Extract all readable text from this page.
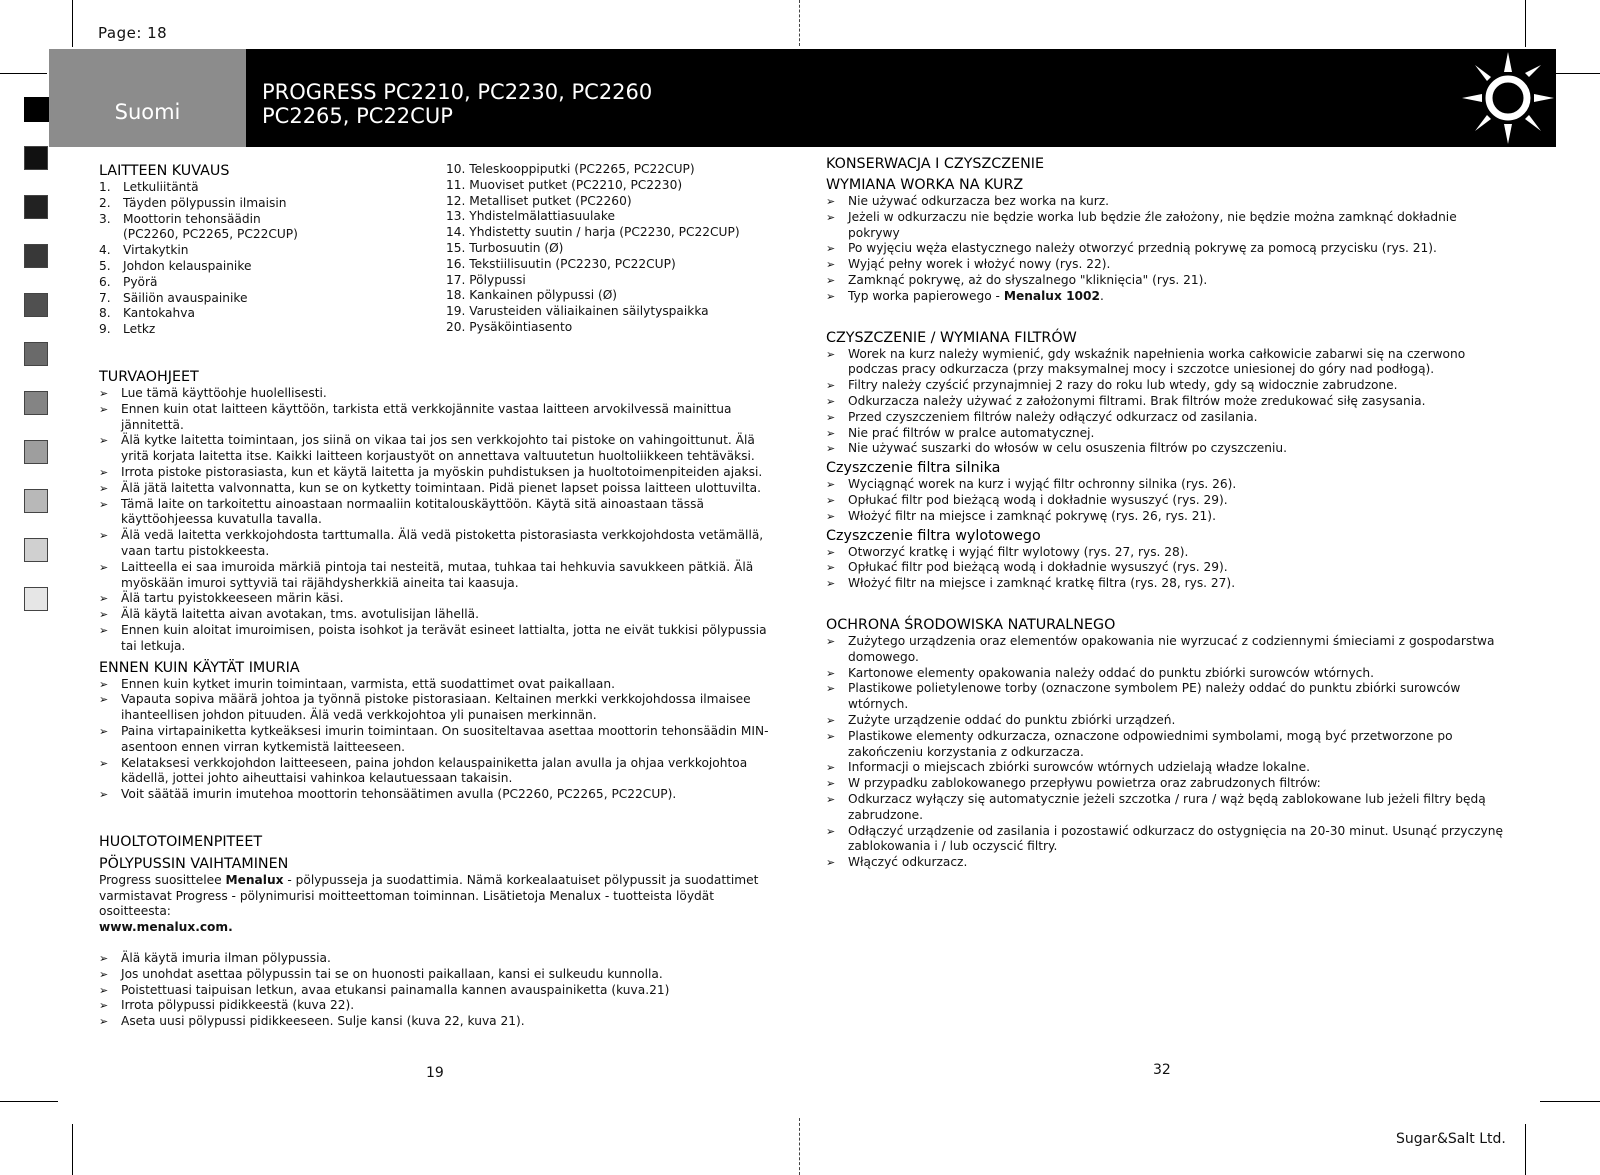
Page: 18
Suomi
PROGRESS PC2210, PC2230, PC2260
PC2265, PC22CUP
LAITTEEN KUVAUS
1. Letkuliitäntä
2. Täyden pölypussin ilmaisin
3. Moottorin tehonsäädin
(PC2260, PC2265, PC22CUP)
4. Virtakytkin
5. Johdon kelauspainike
6. Pyörä
7. Säiliön avauspainike
8. Kantokahva
9. Letkz
TURVAOHJEET
➢ Lue tämä käyttöohje huolellisesti.
➢ Ennen kuin otat laitteen käyttöön, tarkista että verkkojännite vastaa laitteen arvokilvessä mainittua jännitettä.
➢ Älä kytke laitetta toimintaan, jos siinä on vikaa tai jos sen verkkojohto tai pistoke on vahingoittunut. Älä yritä korjata laitetta itse. Kaikki laitteen korjaustyöt on annettava valtuutetun huoltoliikkeen tehtäväksi.
➢ Irrota pistoke pistorasiasta, kun et käytä laitetta ja myöskin puhdistuksen ja huoltotoimenpiteiden ajaksi.
➢ Älä jätä laitetta valvonnatta, kun se on kytketty toimintaan. Pidä pienet lapset poissa laitteen ulottuvilta.
➢ Tämä laite on tarkoitettu ainoastaan normaaliin kotitalouskäyttöön. Käytä sitä ainoastaan tässä käyttöohjeessa kuvatulla tavalla.
➢ Älä vedä laitetta verkkojohdosta tarttumalla. Älä vedä pistoketta pistorasiasta verkkojohdosta vetämällä, vaan tartu pistokkeesta.
➢ Laitteella ei saa imuroida märkiä pintoja tai nesteitä, mutaa, tuhkaa tai hehkuvia savukkeen pätkiä. Älä myöskään imuroi syttyviä tai räjähdysherkkiä aineita tai kaasuja.
➢ Älä tartu pyistokkeeseen märin käsi.
➢ Älä käytä laitetta aivan avotakan, tms. avotulisijan lähellä.
➢ Ennen kuin aloitat imuroimisen, poista isohkot ja terävät esineet lattialta, jotta ne eivät tukkisi pölypussia tai letkuja.
ENNEN KUIN KÄYTÄT IMURIA
➢ Ennen kuin kytket imurin toimintaan, varmista, että suodattimet ovat paikallaan.
➢ Vapauta sopiva määrä johtoa ja työnnä pistoke pistorasiaan. Keltainen merkki verkkojohdossa ilmaisee ihanteellisen johdon pituuden. Älä vedä verkkojohtoa yli punaisen merkinnän.
➢ Paina virtapainiketta kytkeäksesi imurin toimintaan. On suositeltavaa asettaa moottorin tehonsäädin MIN-asentoon ennen virran kytkemistä laitteeseen.
➢ Kelataksesi verkkojohdon laitteeseen, paina johdon kelauspainiketta jalan avulla ja ohjaa verkkojohtoa kädellä, jottei johto aiheuttaisi vahinkoa kelautuessaan takaisin.
➢ Voit säätää imurin imutehoa moottorin tehonsäätimen avulla (PC2260, PC2265, PC22CUP).
HUOLTOTOIMENPITEET
PÖLYPUSSIN VAIHTAMINEN

Progress suosittelee Menalux - pölypusseja ja suodattimia. Nämä korkealaatuiset pölypussit ja suodattimet varmistavat Progress - pölynimurisi moitteettoman toiminnan. Lisätietoja Menalux - tuotteista löydät osoitteesta:

www.menalux.com.

➢ Älä käytä imuria ilman pölypussia.
➢ Jos unohdat asettaa pölypussin tai se on huonosti paikallaan, kansi ei sulkeudu kunnolla.
➢ Poistettuasi taipuisan letkun, avaa etukansi painamalla kannen avauspainiketta (kuva.21)
➢ Irrota pölypussi pidikkeestä (kuva 22).
➢ Aseta uusi pölypussi pidikkeeseen. Sulje kansi (kuva 22, kuva 21).
10. Teleskooppiputki (PC2265, PC22CUP)
11. Muoviset putket (PC2210, PC2230)
12. Metalliset putket (PC2260)
13. Yhdistelmälattiasuulake
14. Yhdistetty suutin / harja (PC2230, PC22CUP)
15. Turbosuutin (Ø)
16. Tekstiilisuutin (PC2230, PC22CUP)
17. Pölypussi
18. Kankainen pölypussi (Ø)
19. Varusteiden väliaikainen säilytyspaikka
20. Pysäköintiasento
19
KONSERWACJA I CZYSZCZENIE
WYMIANA WORKA NA KURZ
➢ Nie używać odkurzacza bez worka na kurz.
➢ Jeżeli w odkurzaczu nie będzie worka lub będzie źle założony, nie będzie można zamknąć dokładnie pokrywy
➢ Po wyjęciu węża elastycznego należy otworzyć przednią pokrywę za pomocą przycisku (rys. 21).
➢ Wyjąć pełny worek i włożyć nowy (rys. 22).
➢ Zamknąć pokrywę, aż do słyszalnego "kliknięcia" (rys. 21).
➢ Typ worka papierowego - Menalux 1002.
CZYSZCZENIE / WYMIANA FILTRÓW
➢ Worek na kurz należy wymienić, gdy wskaźnik napełnienia worka całkowicie zabarwi się na czerwono podczas pracy odkurzacza (przy maksymalnej mocy i szczotce uniesionej do góry nad podłogą).
➢ Filtry należy czyścić przynajmniej 2 razy do roku lub wtedy, gdy są widocznie zabrudzone.
➢ Odkurzacza należy używać z założonymi filtrami. Brak filtrów może zredukować siłę zasysania.
➢ Przed czyszczeniem filtrów należy odłączyć odkurzacz od zasilania.
➢ Nie prać filtrów w pralce automatycznej.
➢ Nie używać suszarki do włosów w celu osuszenia filtrów po czyszczeniu.
Czyszczenie filtra silnika
➢ Wyciągnąć worek na kurz i wyjąć filtr ochronny silnika (rys. 26).
➢ Opłukać filtr pod bieżącą wodą i dokładnie wysuszyć (rys. 29).
➢ Włożyć filtr na miejsce i zamknąć pokrywę (rys. 26, rys. 21).
Czyszczenie filtra wylotowego
➢ Otworzyć kratkę i wyjąć filtr wylotowy (rys. 27, rys. 28).
➢ Opłukać filtr pod bieżącą wodą i dokładnie wysuszyć (rys. 29).
➢ Włożyć filtr na miejsce i zamknąć kratkę filtra (rys. 28, rys. 27).
OCHRONA ŚRODOWISKA NATURALNEGO
➢ Zużytego urządzenia oraz elementów opakowania nie wyrzucać z codziennymi śmieciami z gospodarstwa domowego.
➢ Kartonowe elementy opakowania należy oddać do punktu zbiórki surowców wtórnych.
➢ Plastikowe polietylenowe torby (oznaczone symbolem PE) należy oddać do punktu zbiórki surowców wtórnych.
➢ Zużyte urządzenie oddać do punktu zbiórki urządzeń.
➢ Plastikowe elementy odkurzacza, oznaczone odpowiednimi symbolami, mogą być przetworzone po zakończeniu korzystania z odkurzacza.
➢ Informacji o miejscach zbiórki surowców wtórnych udzielają władze lokalne.
➢ W przypadku zablokowanego przepływu powietrza oraz zabrudzonych filtrów:
➢ Odkurzacz wyłączy się automatycznie jeżeli szczotka / rura / wąż będą zablokowane lub jeżeli filtry będą zabrudzone.
➢ Odłączyć urządzenie od zasilania i pozostawić odkurzacz do ostygnięcia na 20-30 minut. Usunąć przyczynę zablokowania i / lub oczyscić filtry.
➢ Włączyć odkurzacz.
32
Sugar&Salt Ltd.
